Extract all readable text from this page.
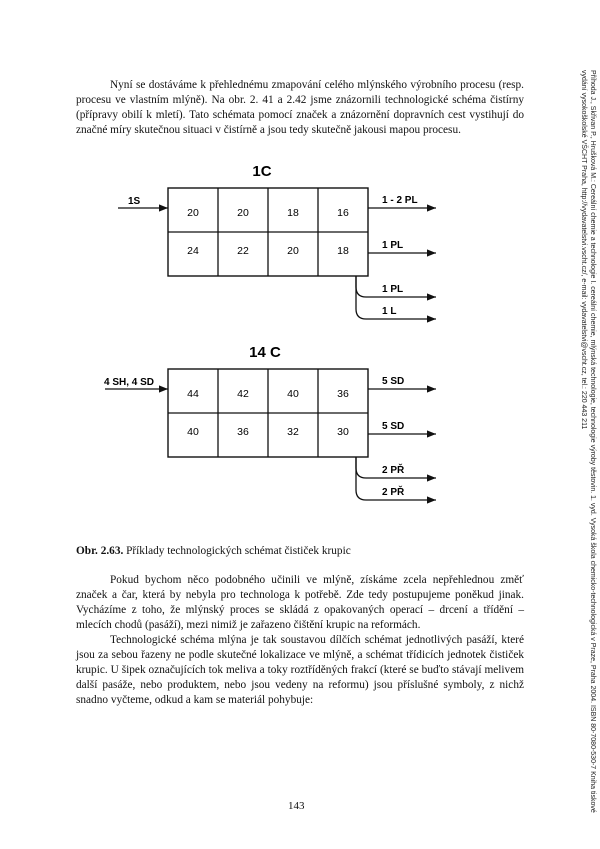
Nyní se dostáváme k přehlednému zmapování celého mlýnského výrobního procesu (resp. procesu ve vlastním mlýně). Na obr. 2. 41 a 2.42 jsme znázornili technologické schéma čistírny (přípravy obilí k mletí). Tato schémata pomocí značek a znázornění dopravních cest vystihují do značné míry skutečnou situaci v čistírně a jsou tedy skutečně jakousi mapou procesu.

1C
20	20	18	16
24	22	20	18
1S	1 - 2 PL
1 PL
1 PL
1 L
14 C
44	42	40	36
40	36	32	30
4 SH, 4 SD	5 SD
5 SD
2 PŘ
2 PŘ

Obr. 2.63. Příklady technologických schémat čističek krupic

Pokud bychom něco podobného učinili ve mlýně, získáme zcela nepřehlednou změť značek a čar, která by nebyla pro technologa k potřebě. Zde tedy postupujeme poněkud jinak. Vycházíme z toho, že mlýnský proces se skládá z opakovaných operací – drcení a třídění – mlecích chodů (pasáží), mezi nimiž je zařazeno čištění krupic na reformách.

Technologické schéma mlýna je tak soustavou dílčích schémat jednotlivých pasáží, které jsou za sebou řazeny ne podle skutečné lokalizace ve mlýně, a schémat třídicích jednotek čističek krupic. U šipek označujících tok meliva a toky roztříděných frakcí (které se buďto stávají melivem další pasáže, nebo produktem, nebo jsou vedeny na reformu) jsou příslušné symboly, z nichž snadno vyčteme, odkud a kam se materiál pohybuje:	Příhoda J., Skřivan P., Hrušková M.: Cereální chemie a technologie I. cereální chemie, mlýnská technologie, technologie výroby těstovin. 1. vyd. Vysoká škola chemicko-technologická v Praze, Praha 2004. ISBN 80-7080-530-7 Kniha tiskové vydání vysokoškolské VŠCHT Praha, http://vydavatelstvi.vscht.cz/, e-mail: vydavatelstvi@vscht.cz, tel.: 220 443 211

143
